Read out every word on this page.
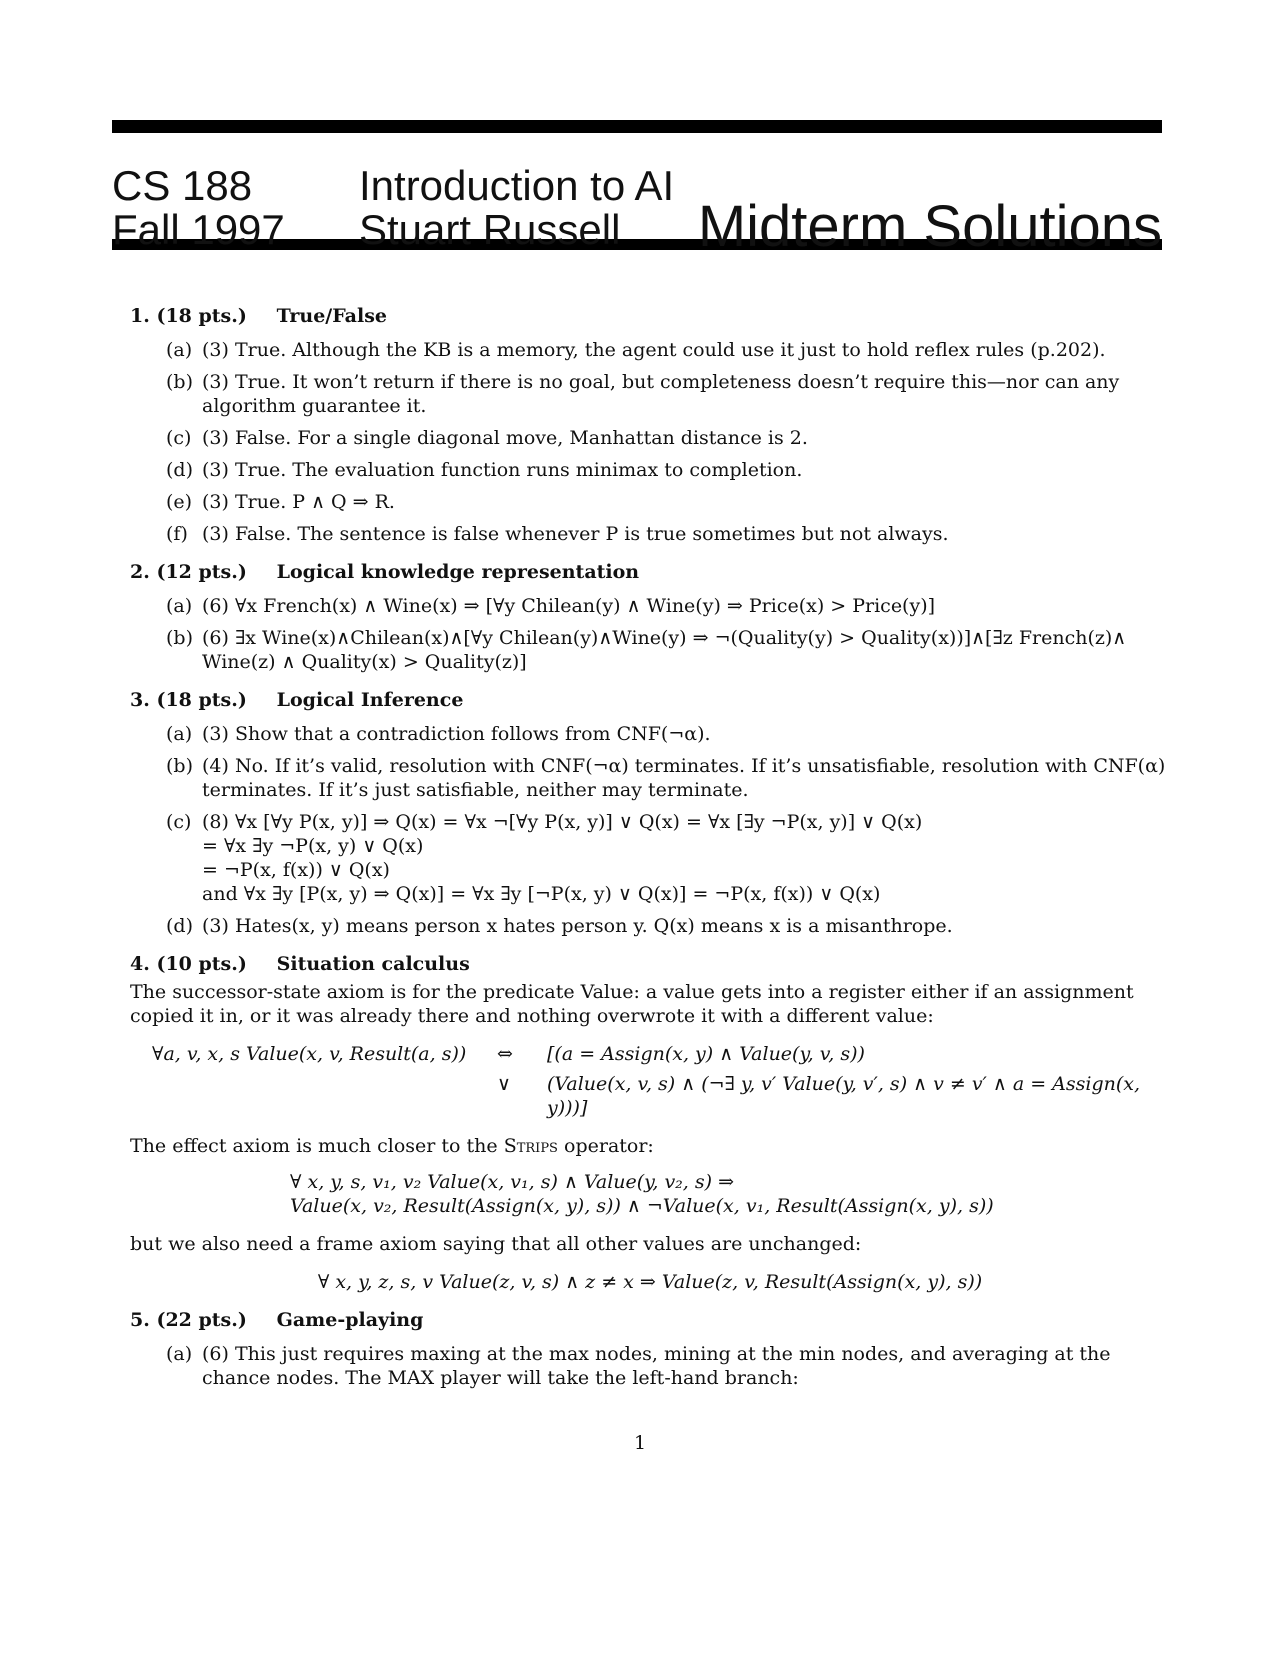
CS 188
Fall 1997
Introduction to AI
Stuart Russell Midterm Solutions
1. (18 pts.) True/False
(a) (3) True. Although the KB is a memory, the agent could use it just to hold reflex rules (p.202).
(b) (3) True. It won’t return if there is no goal, but completeness doesn’t require this—nor can any algorithm guarantee it.
(c) (3) False. For a single diagonal move, Manhattan distance is 2.
(d) (3) True. The evaluation function runs minimax to completion.
(e) (3) True. P ∧ Q ⇒ R.
(f) (3) False. The sentence is false whenever P is true sometimes but not always.
2. (12 pts.) Logical knowledge representation
(a) (6) ∀x French(x) ∧ Wine(x) ⇒ [∀y Chilean(y) ∧ Wine(y) ⇒ Price(x) > Price(y)]
(b) (6) ∃x Wine(x)∧Chilean(x)∧[∀y Chilean(y)∧Wine(y) ⇒ ¬(Quality(y) > Quality(x))]∧[∃z French(z)∧ Wine(z) ∧ Quality(x) > Quality(z)]
3. (18 pts.) Logical Inference
(a) (3) Show that a contradiction follows from CNF(¬α).
(b) (4) No. If it’s valid, resolution with CNF(¬α) terminates. If it’s unsatisfiable, resolution with CNF(α) terminates. If it’s just satisfiable, neither may terminate.
(c) (8) ∀x [∀y P(x, y)] ⇒ Q(x) = ∀x ¬[∀y P(x, y)] ∨ Q(x) = ∀x [∃y ¬P(x, y)] ∨ Q(x)
= ∀x ∃y ¬P(x, y) ∨ Q(x)
= ¬P(x, f(x)) ∨ Q(x)
and ∀x ∃y [P(x, y) ⇒ Q(x)] = ∀x ∃y [¬P(x, y) ∨ Q(x)] = ¬P(x, f(x)) ∨ Q(x)
(d) (3) Hates(x, y) means person x hates person y. Q(x) means x is a misanthrope.
4. (10 pts.) Situation calculus
The successor-state axiom is for the predicate Value: a value gets into a register either if an assignment copied it in, or it was already there and nothing overwrote it with a different value:
∀a, v, x, s Value(x, v, Result(a, s))	⇔	[(a = Assign(x, y) ∧ Value(y, v, s))
∨	(Value(x, v, s) ∧ (¬∃ y, v′ Value(y, v′, s) ∧ v ≠ v′ ∧ a = Assign(x, y)))]
The effect axiom is much closer to the Strips operator:
∀ x, y, s, v₁, v₂ Value(x, v₁, s) ∧ Value(y, v₂, s) ⇒
Value(x, v₂, Result(Assign(x, y), s)) ∧ ¬Value(x, v₁, Result(Assign(x, y), s))
but we also need a frame axiom saying that all other values are unchanged:
∀ x, y, z, s, v Value(z, v, s) ∧ z ≠ x ⇒ Value(z, v, Result(Assign(x, y), s))
5. (22 pts.) Game-playing
(a) (6) This just requires maxing at the max nodes, mining at the min nodes, and averaging at the chance nodes. The MAX player will take the left-hand branch:
1
